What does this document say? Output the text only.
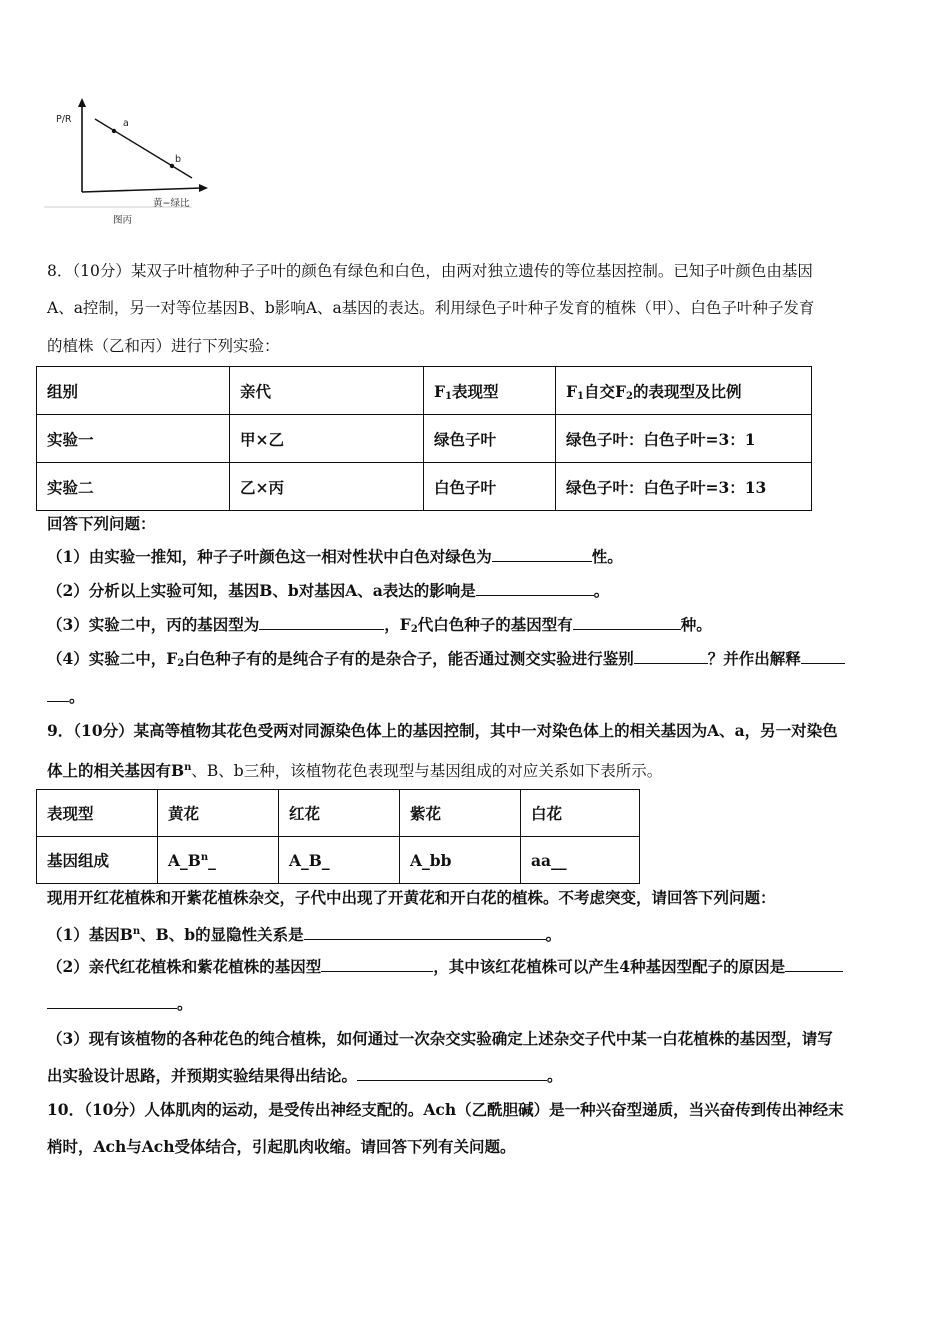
P/R	a
b
黄−绿比
图丙
8．（10分）某双子叶植物种子子叶的颜色有绿色和白色，由两对独立遗传的等位基因控制。已知子叶颜色由基因
A、a控制，另一对等位基因B、b影响A、a基因的表达。利用绿色子叶种子发育的植株（甲）、白色子叶种子发育
的植株（乙和丙）进行下列实验：
组别	亲代	$F_1$表现型	$F_1$自交$F_2$的表现型及比例
实验一	甲×乙	绿色子叶	绿色子叶：白色子叶=3：1
实验二	乙×丙	白色子叶	绿色子叶：白色子叶=3：13
回答下列问题：
（1）由实验一推知，种子子叶颜色这一相对性状中白色对绿色为	性。
（2）分析以上实验可知，基因B、b对基因A、a表达的影响是	。
（3）实验二中，丙的基因型为	，$F_2$代白色种子的基因型有	种。
（4）实验二中，$F_2$白色种子有的是纯合子有的是杂合子，能否通过测交实验进行鉴别	？并作出解释
。
9．（10分）某高等植物其花色受两对同源染色体上的基因控制，其中一对染色体上的相关基因为A、a，另一对染色
体上的相关基因有$B^n$、B、b三种，该植物花色表现型与基因组成的对应关系如下表所示。
表现型	黄花	红花	紫花	白花
基因组成	$A\_B^n\_$	A_B_	A_bb	aa__
现用开红花植株和开紫花植株杂交，子代中出现了开黄花和开白花的植株。不考虑突变，请回答下列问题：
（1）基因$B^n$、B、b的显隐性关系是	。
（2）亲代红花植株和紫花植株的基因型	，其中该红花植株可以产生4种基因型配子的原因是
。
（3）现有该植物的各种花色的纯合植株，如何通过一次杂交实验确定上述杂交子代中某一白花植株的基因型，请写
出实验设计思路，并预期实验结果得出结论。	。
10．（10分）人体肌肉的运动，是受传出神经支配的。Ach（乙酰胆碱）是一种兴奋型递质，当兴奋传到传出神经末
梢时，Ach与Ach受体结合，引起肌肉收缩。请回答下列有关问题。
